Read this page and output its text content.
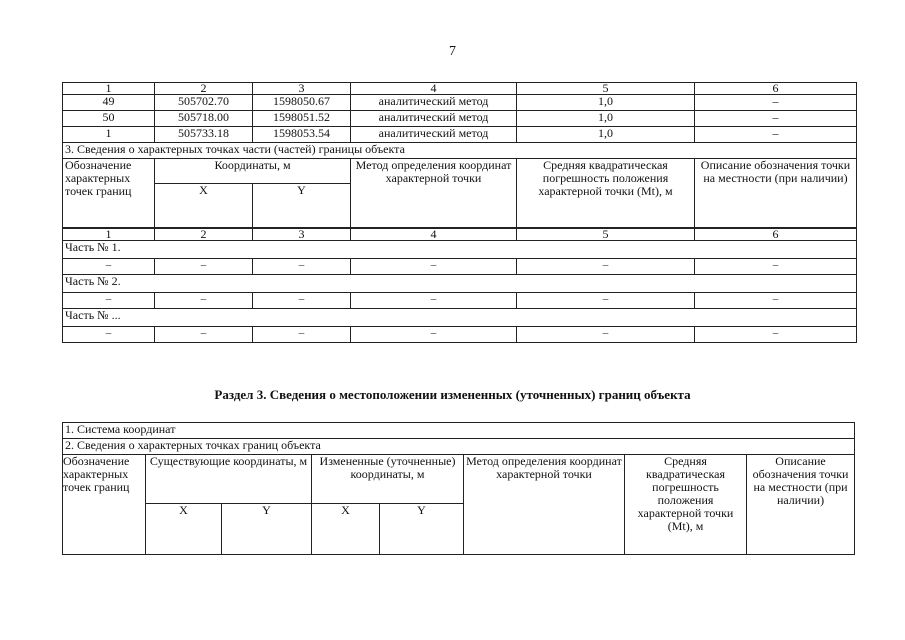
7
1	2	3	4	5	6
49	505702.70	1598050.67	аналитический метод	1,0	–
50	505718.00	1598051.52	аналитический метод	1,0	–
1	505733.18	1598053.54	аналитический метод	1,0	–
3. Сведения о характерных точках части (частей) границы объекта					
Обозначение характерных точек границ	Координаты, м		Метод определения координат характерной точки	Средняя квадратическая погрешность положения характерной точки (Mt), м	Описание обозначения точки на местности (при наличии)
	X	Y			
1	2	3	4	5	6
Часть № 1.					
–	–	–	–	–	–
Часть № 2.					
–	–	–	–	–	–
Часть № ...					
–	–	–	–	–	–
Раздел 3. Сведения о местоположении измененных (уточненных) границ объекта
1. Система координат							
2. Сведения о характерных точках границ объекта							
Обозначение характерных точек границ	Существующие координаты, м		Измененные (уточненные) координаты, м		Метод определения координат характерной точки	Средняя квадратическая погрешность положения характерной точки (Mt), м	Описание обозначения точки на местности (при наличии)
	X	Y	X	Y			
